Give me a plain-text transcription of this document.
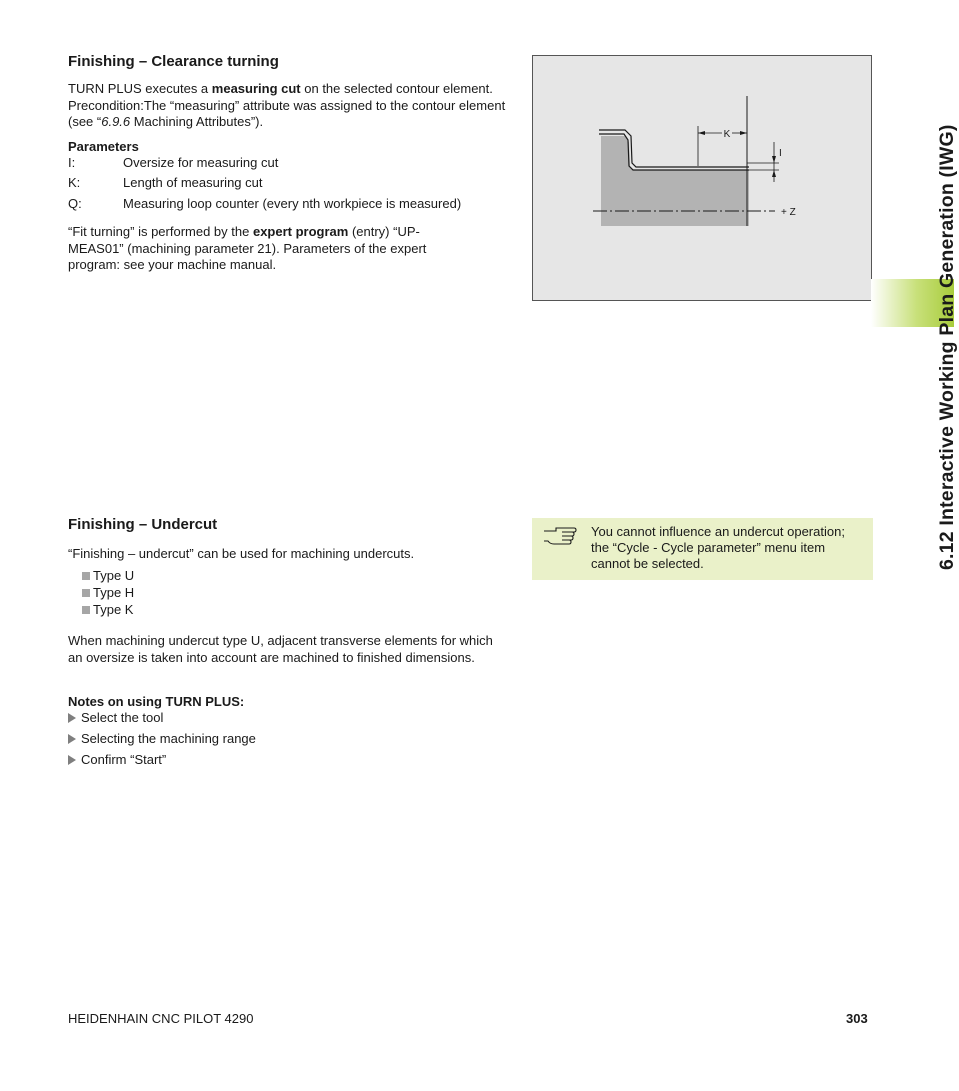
Finishing – Clearance turning
TURN PLUS executes a measuring cut on the selected contour element. Precondition:The “measuring” attribute was assigned to the contour element (see “6.9.6 Machining Attributes”).
Parameters
I:	Oversize for measuring cut
K:	Length of measuring cut
Q:	Measuring loop counter (every nth workpiece is measured)
“Fit turning” is performed by the expert program (entry) “UP-MEAS01” (machining parameter 21). Parameters of the expert program: see your machine manual.
K
I
+ Z
Finishing – Undercut
“Finishing – undercut” can be used for machining undercuts.
Type U
Type H
Type K
When machining undercut type U, adjacent transverse elements for which an oversize is taken into account are machined to finished dimensions.
Notes on using TURN PLUS:
Select the tool
Selecting the machining range
Confirm “Start”
You cannot influence an undercut operation; the “Cycle - Cycle parameter” menu item cannot be selected.	6.12 Interactive Working Plan Generation (IWG)
HEIDENHAIN CNC PILOT 4290	303
